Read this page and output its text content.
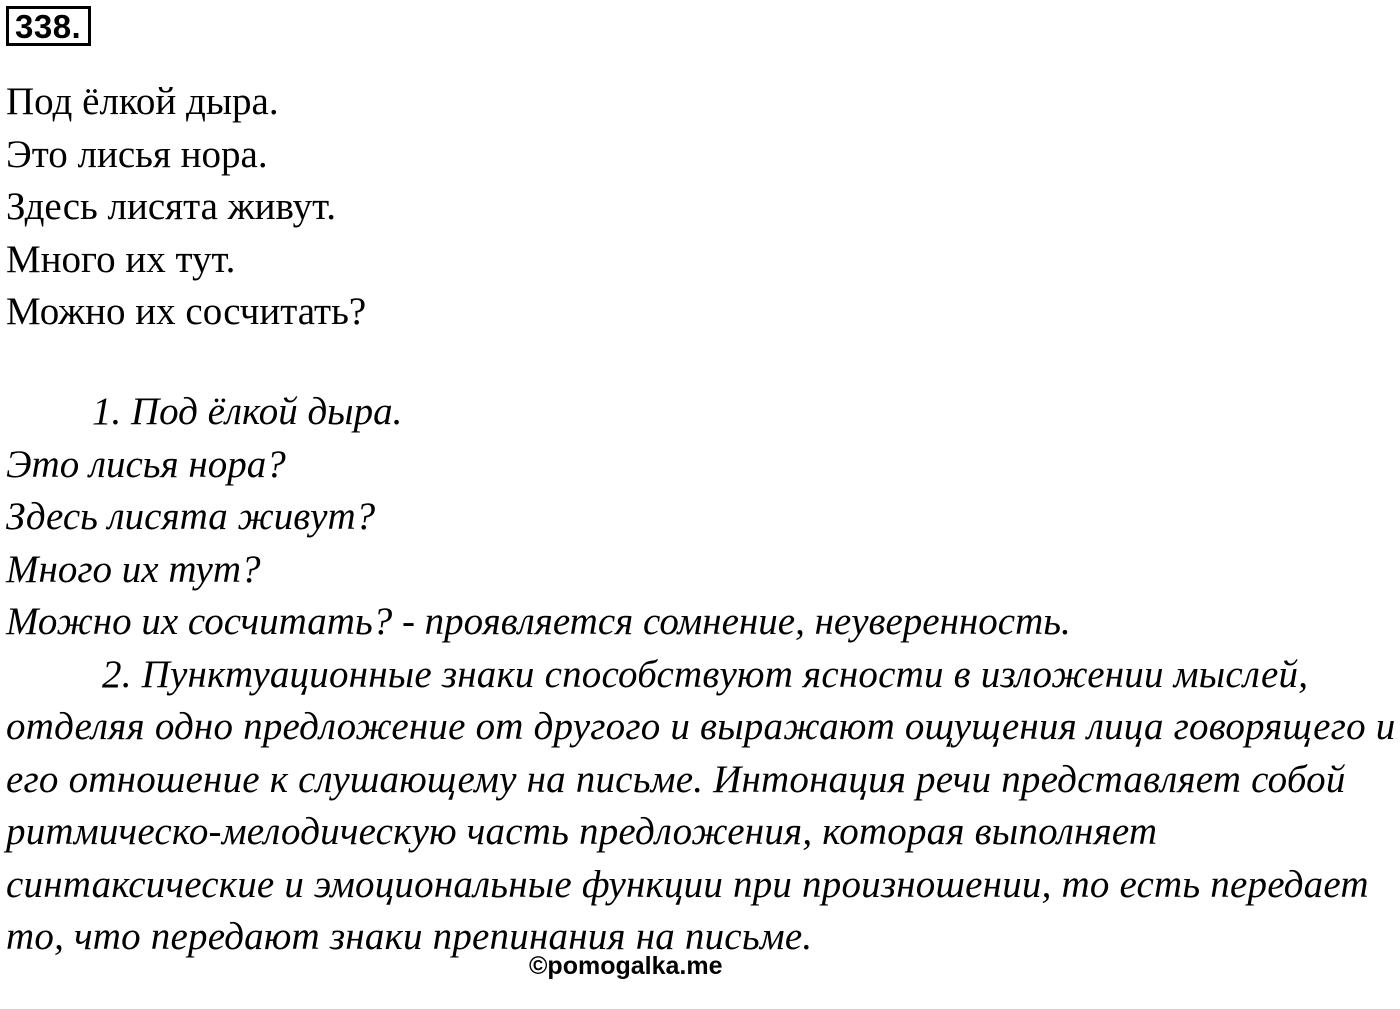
338.
Под ёлкой дыра.
Это лисья нора.
Здесь лисята живут.
Много их тут.
Можно их сосчитать?
1. Под ёлкой дыра.
Это лисья нора?
Здесь лисята живут?
Много их тут?
Можно их сосчитать? - проявляется сомнение, неуверенность.
2. Пунктуационные знаки способствуют ясности в изложении мыслей, отделяя одно предложение от другого и выражают ощущения лица говорящего и его отношение к слушающему на письме. Интонация речи представляет собой ритмическо-мелодическую часть предложения, которая выполняет синтаксические и эмоциональные функции при произношении, то есть передает то, что передают знаки препинания на письме.
©pomogalka.me
